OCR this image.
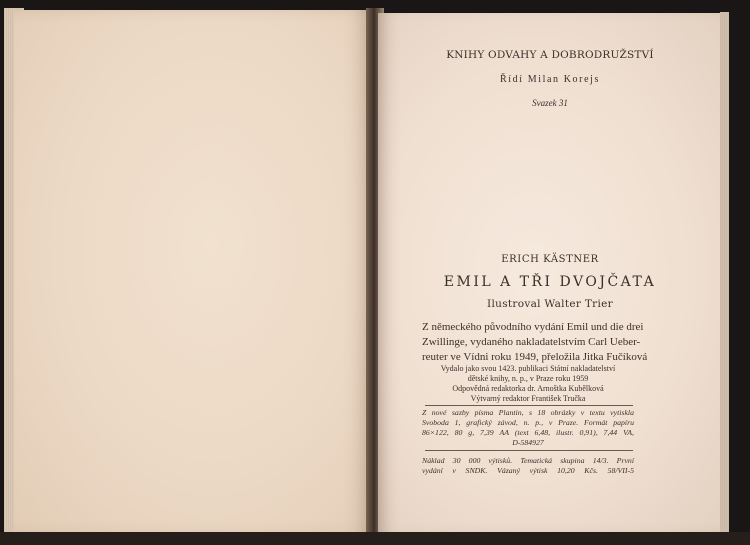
KNIHY ODVAHY A DOBRODRUŽSTVÍ
Řídí Milan Korejs
Svazek 31
ERICH KÄSTNER
EMIL A TŘI DVOJČATA
Ilustroval Walter Trier
Z německého původního vydání Emil und die drei
Zwillinge, vydaného nakladatelstvím Carl Ueber-
reuter ve Vídni roku 1949, přeložila Jitka Fučíková
Vydalo jako svou 1423. publikaci Státní nakladatelství
dětské knihy, n. p., v Praze roku 1959
Odpovědná redaktorka dr. Arnoštka Kubělková
Výtvarný redaktor František Tručka
Z nové sazby písma Plantin, s 18 obrázky v textu vytiskla
Svoboda 1, grafický závod, n. p., v Praze. Formát papíru
86×122, 80 g, 7,39 AA (text 6,48, ilustr. 0,91), 7,44 VA,
D-584927
Náklad 30 000 výtisků. Tematická skupina 14/3. První
vydání v SNDK. Vázaný výtisk 10,20 Kčs. 58/VII-5
